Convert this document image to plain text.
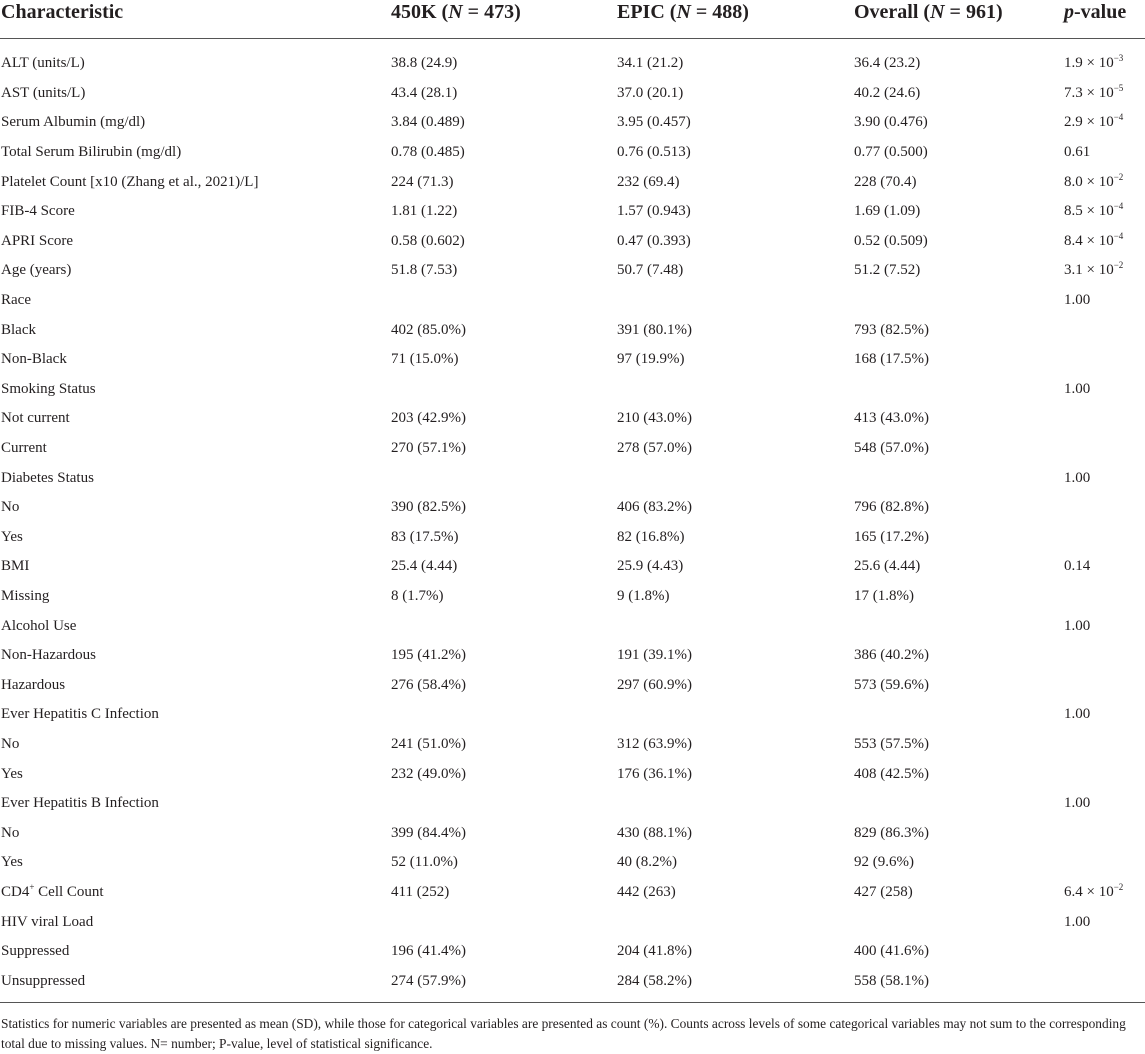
Characteristic	450K (N = 473)	EPIC (N = 488)	Overall (N = 961)	p-value
ALT (units/L)	38.8 (24.9)	34.1 (21.2)	36.4 (23.2)	$1.9 \times 10^{-3}$
AST (units/L)	43.4 (28.1)	37.0 (20.1)	40.2 (24.6)	$7.3 \times 10^{-5}$
Serum Albumin (mg/dl)	3.84 (0.489)	3.95 (0.457)	3.90 (0.476)	$2.9 \times 10^{-4}$
Total Serum Bilirubin (mg/dl)	0.78 (0.485)	0.76 (0.513)	0.77 (0.500)	0.61
Platelet Count [x10 (Zhang et al., 2021)/L]	224 (71.3)	232 (69.4)	228 (70.4)	$8.0 \times 10^{-2}$
FIB-4 Score	1.81 (1.22)	1.57 (0.943)	1.69 (1.09)	$8.5 \times 10^{-4}$
APRI Score	0.58 (0.602)	0.47 (0.393)	0.52 (0.509)	$8.4 \times 10^{-4}$
Age (years)	51.8 (7.53)	50.7 (7.48)	51.2 (7.52)	$3.1 \times 10^{-2}$
Race				1.00
Black	402 (85.0%)	391 (80.1%)	793 (82.5%)	
Non-Black	71 (15.0%)	97 (19.9%)	168 (17.5%)	
Smoking Status				1.00
Not current	203 (42.9%)	210 (43.0%)	413 (43.0%)	
Current	270 (57.1%)	278 (57.0%)	548 (57.0%)	
Diabetes Status				1.00
No	390 (82.5%)	406 (83.2%)	796 (82.8%)	
Yes	83 (17.5%)	82 (16.8%)	165 (17.2%)	
BMI	25.4 (4.44)	25.9 (4.43)	25.6 (4.44)	0.14
Missing	8 (1.7%)	9 (1.8%)	17 (1.8%)	
Alcohol Use				1.00
Non-Hazardous	195 (41.2%)	191 (39.1%)	386 (40.2%)	
Hazardous	276 (58.4%)	297 (60.9%)	573 (59.6%)	
Ever Hepatitis C Infection				1.00
No	241 (51.0%)	312 (63.9%)	553 (57.5%)	
Yes	232 (49.0%)	176 (36.1%)	408 (42.5%)	
Ever Hepatitis B Infection				1.00
No	399 (84.4%)	430 (88.1%)	829 (86.3%)	
Yes	52 (11.0%)	40 (8.2%)	92 (9.6%)	
CD4+ Cell Count	411 (252)	442 (263)	427 (258)	$6.4 \times 10^{-2}$
HIV viral Load				1.00
Suppressed	196 (41.4%)	204 (41.8%)	400 (41.6%)	
Unsuppressed	274 (57.9%)	284 (58.2%)	558 (58.1%)	

Statistics for numeric variables are presented as mean (SD), while those for categorical variables are presented as count (%). Counts across levels of some categorical variables may not sum to the corresponding total due to missing values. N= number; P-value, level of statistical significance.
